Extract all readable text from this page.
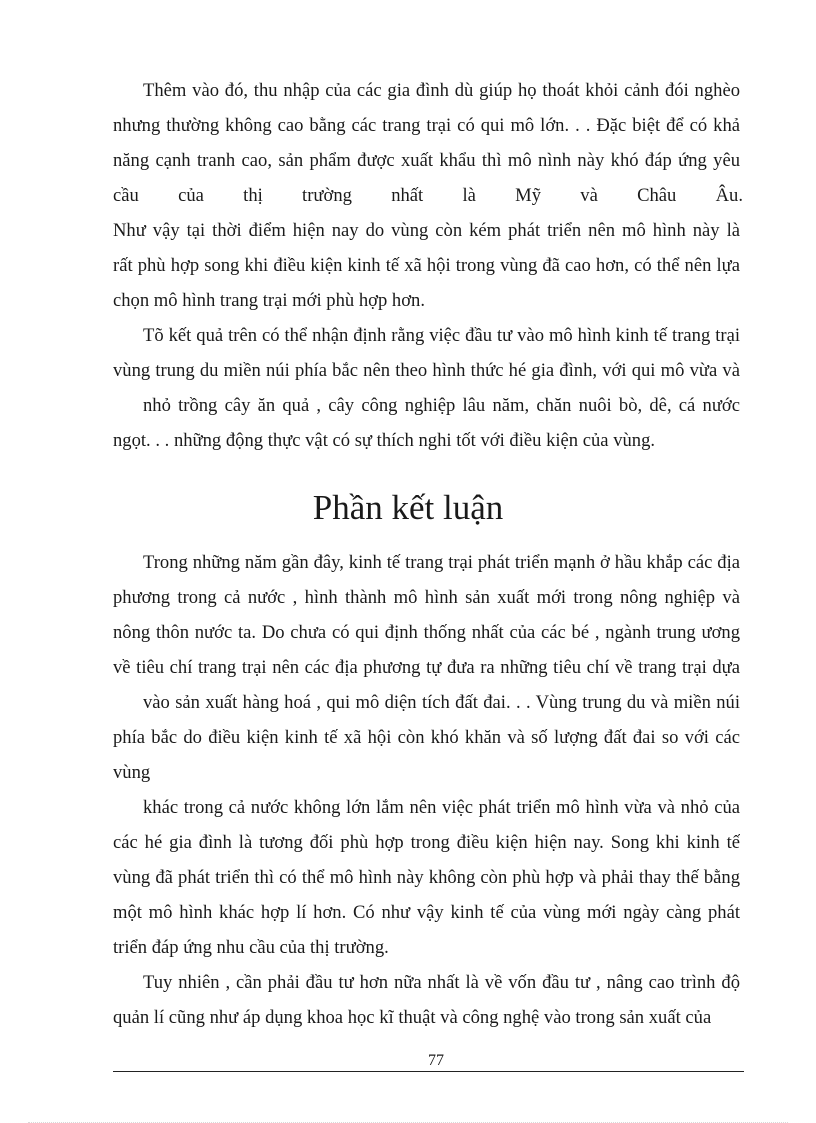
Thêm vào đó, thu nhập của các gia đình dù giúp họ thoát khỏi cảnh đói nghèo
nhưng thường không cao bằng các trang trại có qui mô lớn. . . Đặc biệt để có khả
năng cạnh tranh cao, sản phẩm được xuất khẩu thì mô nình này khó đáp ứng yêu
cầu của thị trường nhất là Mỹ và Châu Âu.
Như vậy tại thời điểm hiện nay do vùng còn kém phát triển nên mô hình này là
rất phù hợp song khi điều kiện kinh tế xã hội trong vùng đã cao hơn, có thể nên lựa
chọn mô hình trang trại mới phù hợp hơn.
Tõ kết quả trên có thể nhận định rằng việc đầu tư vào mô hình kinh tế trang trại
vùng trung du miền núi phía bắc nên theo hình thức hé gia đình, với qui mô vừa và
nhỏ trồng cây ăn quả , cây công nghiệp lâu năm, chăn nuôi bò, dê, cá nước
ngọt. . . những động thực vật có sự thích nghi tốt với điều kiện của vùng.
Phần kết luận
Trong những năm gần đây, kinh tế trang trại phát triển mạnh ở hầu khắp các địa
phương trong cả nước , hình thành mô hình sản xuất mới trong nông nghiệp và
nông thôn nước ta. Do chưa có qui định thống nhất của các bé , ngành trung ương
về tiêu chí trang trại nên các địa phương tự đưa ra những tiêu chí về trang trại dựa
vào sản xuất hàng hoá , qui mô diện tích đất đai. . . Vùng trung du và miền núi
phía bắc do điều kiện kinh tế xã hội còn khó khăn và số lượng đất đai so với các
vùng
khác trong cả nước không lớn lắm nên việc phát triển mô hình vừa và nhỏ của
các hé gia đình là tương đối phù hợp trong điều kiện hiện nay. Song khi kinh tế
vùng đã phát triển thì có thể mô hình này không còn phù hợp và phải thay thế bằng
một mô hình khác hợp lí hơn. Có như vậy kinh tế của vùng mới ngày càng phát
triển đáp ứng nhu cầu của thị trường.
Tuy nhiên , cần phải đầu tư hơn nữa nhất là về vốn đầu tư , nâng cao trình độ
quản lí cũng như áp dụng khoa học kĩ thuật và công nghệ vào trong sản xuất của
77
